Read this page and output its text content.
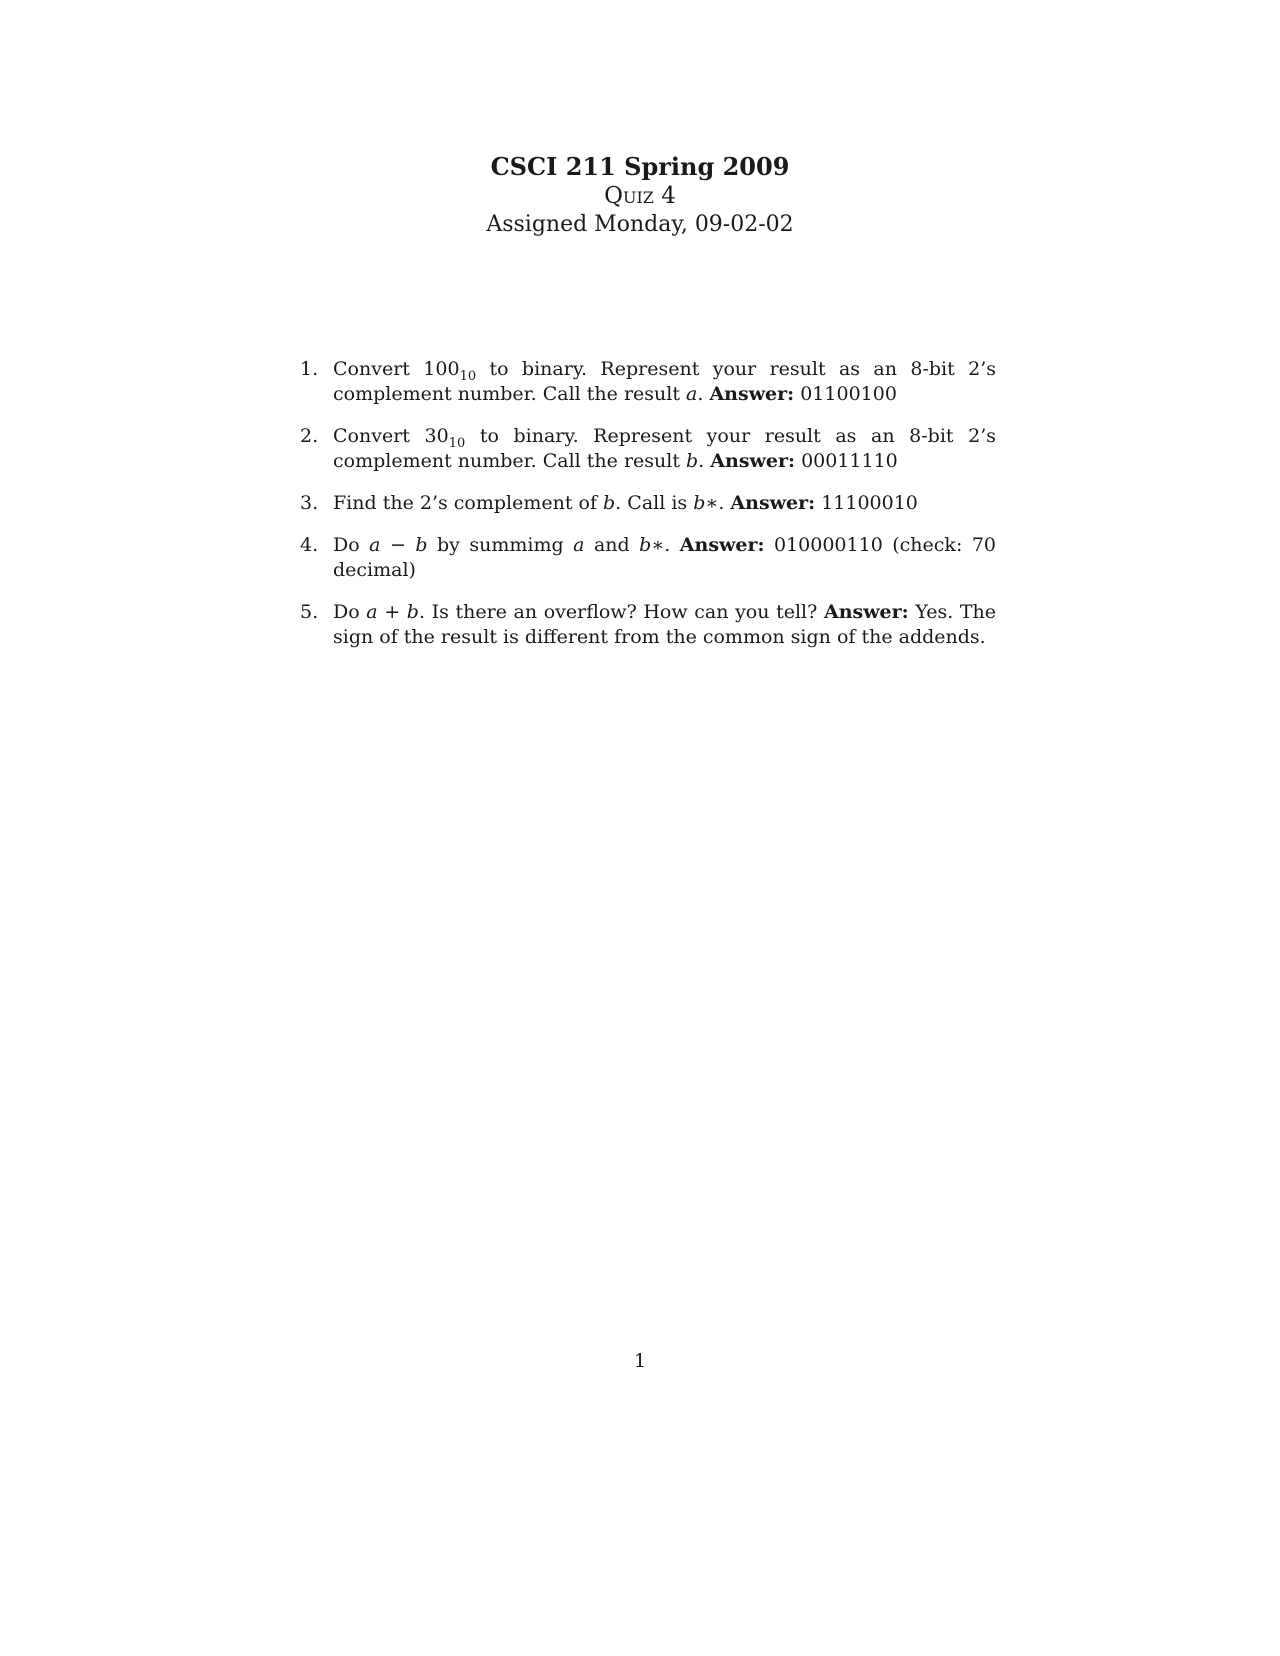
CSCI 211 Spring 2009
Quiz 4
Assigned Monday, 09-02-02
1. Convert $100_{10}$ to binary. Represent your result as an 8-bit 2’s complement number. Call the result a. Answer: 01100100
2. Convert $30_{10}$ to binary. Represent your result as an 8-bit 2’s complement number. Call the result b. Answer: 00011110
3. Find the 2’s complement of b. Call is b∗. Answer: 11100010
4. Do a − b by summimg a and b∗. Answer: 010000110 (check: 70 decimal)
5. Do a + b. Is there an overflow? How can you tell? Answer: Yes. The sign of the result is different from the common sign of the addends.
1
